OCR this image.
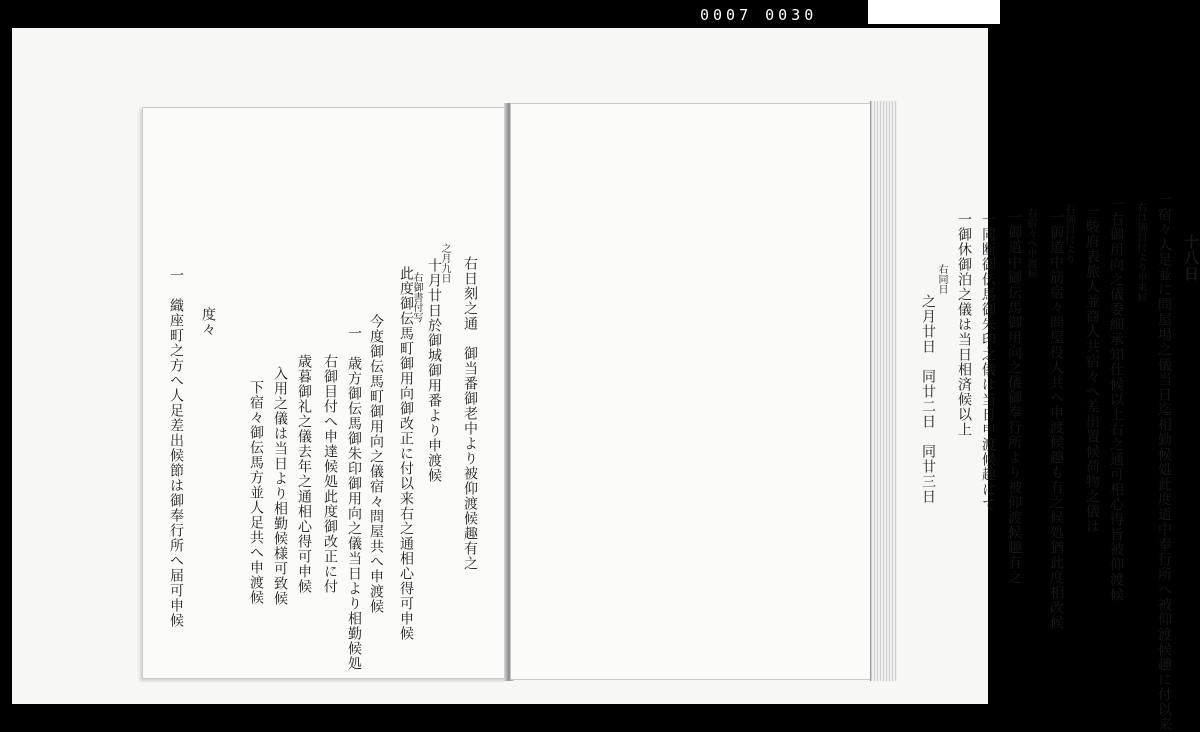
0007 0030
右日刻之通　御当番御老中より被仰渡候趣有之
之月九日
十月廿日於御城御用番より申渡候
右御書付写
此度御伝馬町御用向御改正に付以来右之通相心得可申候
今度御伝馬町御用向之儀宿々問屋共へ申渡候
一　歳方御伝馬御朱印御用向之儀当日より相勤候処
右御目付へ申達候処此度御改正に付
歳暮御礼之儀去年之通相心得可申候
入用之儀は当日より相勤候様可致候
下宿々御伝馬方並人足共へ申渡候
度々
一　織座町之方へ人足差出候節は御奉行所へ届可申候
十八日
一宿々人足並に問屋場之儀当日迄相勤候処此度道中奉行所へ被仰渡候趣に付以来
右は御目付より申来候
一右御用向之儀委細承知仕候以上右之通可相心得旨被仰渡候
一駿府表旅人並商人共宿々へ差出置候荷物之儀は
右御目付より
一御道中筋宿々問屋役人共へ申渡候趣も有之候処猶此度相改候
右宿々へ申渡候
一御道中御伝馬御用向之儀御奉行所より被仰渡候趣有之
一同断御伝馬御朱印之儀は当日申渡候趣にて
一御休御泊之儀は当日相済候以上
右同日
之月廿日　同廿二日　同廿三日
